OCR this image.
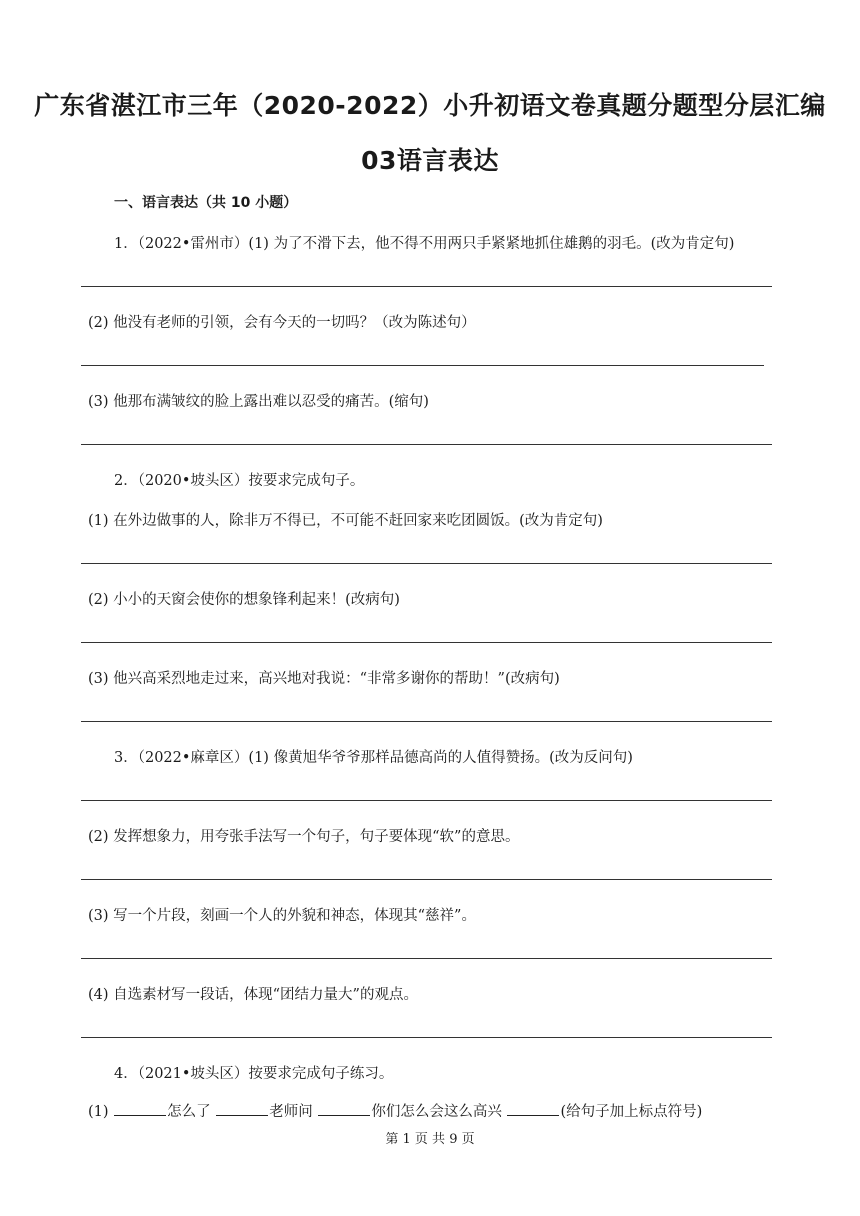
广东省湛江市三年（2020-2022）小升初语文卷真题分题型分层汇编
03语言表达
一、语言表达（共 10 小题）
1．（2022•雷州市）(1) 为了不滑下去，他不得不用两只手紧紧地抓住雄鹅的羽毛。(改为肯定句)
(2) 他没有老师的引领，会有今天的一切吗？（改为陈述句）
(3) 他那布满皱纹的脸上露出难以忍受的痛苦。(缩句)
2．（2020•坡头区）按要求完成句子。
(1) 在外边做事的人，除非万不得已，不可能不赶回家来吃团圆饭。(改为肯定句)
(2) 小小的天窗会使你的想象锋利起来！(改病句)
(3) 他兴高采烈地走过来，高兴地对我说：“非常多谢你的帮助！”(改病句)
3．（2022•麻章区）(1) 像黄旭华爷爷那样品德高尚的人值得赞扬。(改为反问句)
(2) 发挥想象力，用夸张手法写一个句子，句子要体现“软”的意思。
(3) 写一个片段，刻画一个人的外貌和神态，体现其“慈祥”。
(4) 自选素材写一段话，体现“团结力量大”的观点。
4．（2021•坡头区）按要求完成句子练习。
(1)	怎么了	老师问	你们怎么会这么高兴	(给句子加上标点符号)
第 1 页 共 9 页
